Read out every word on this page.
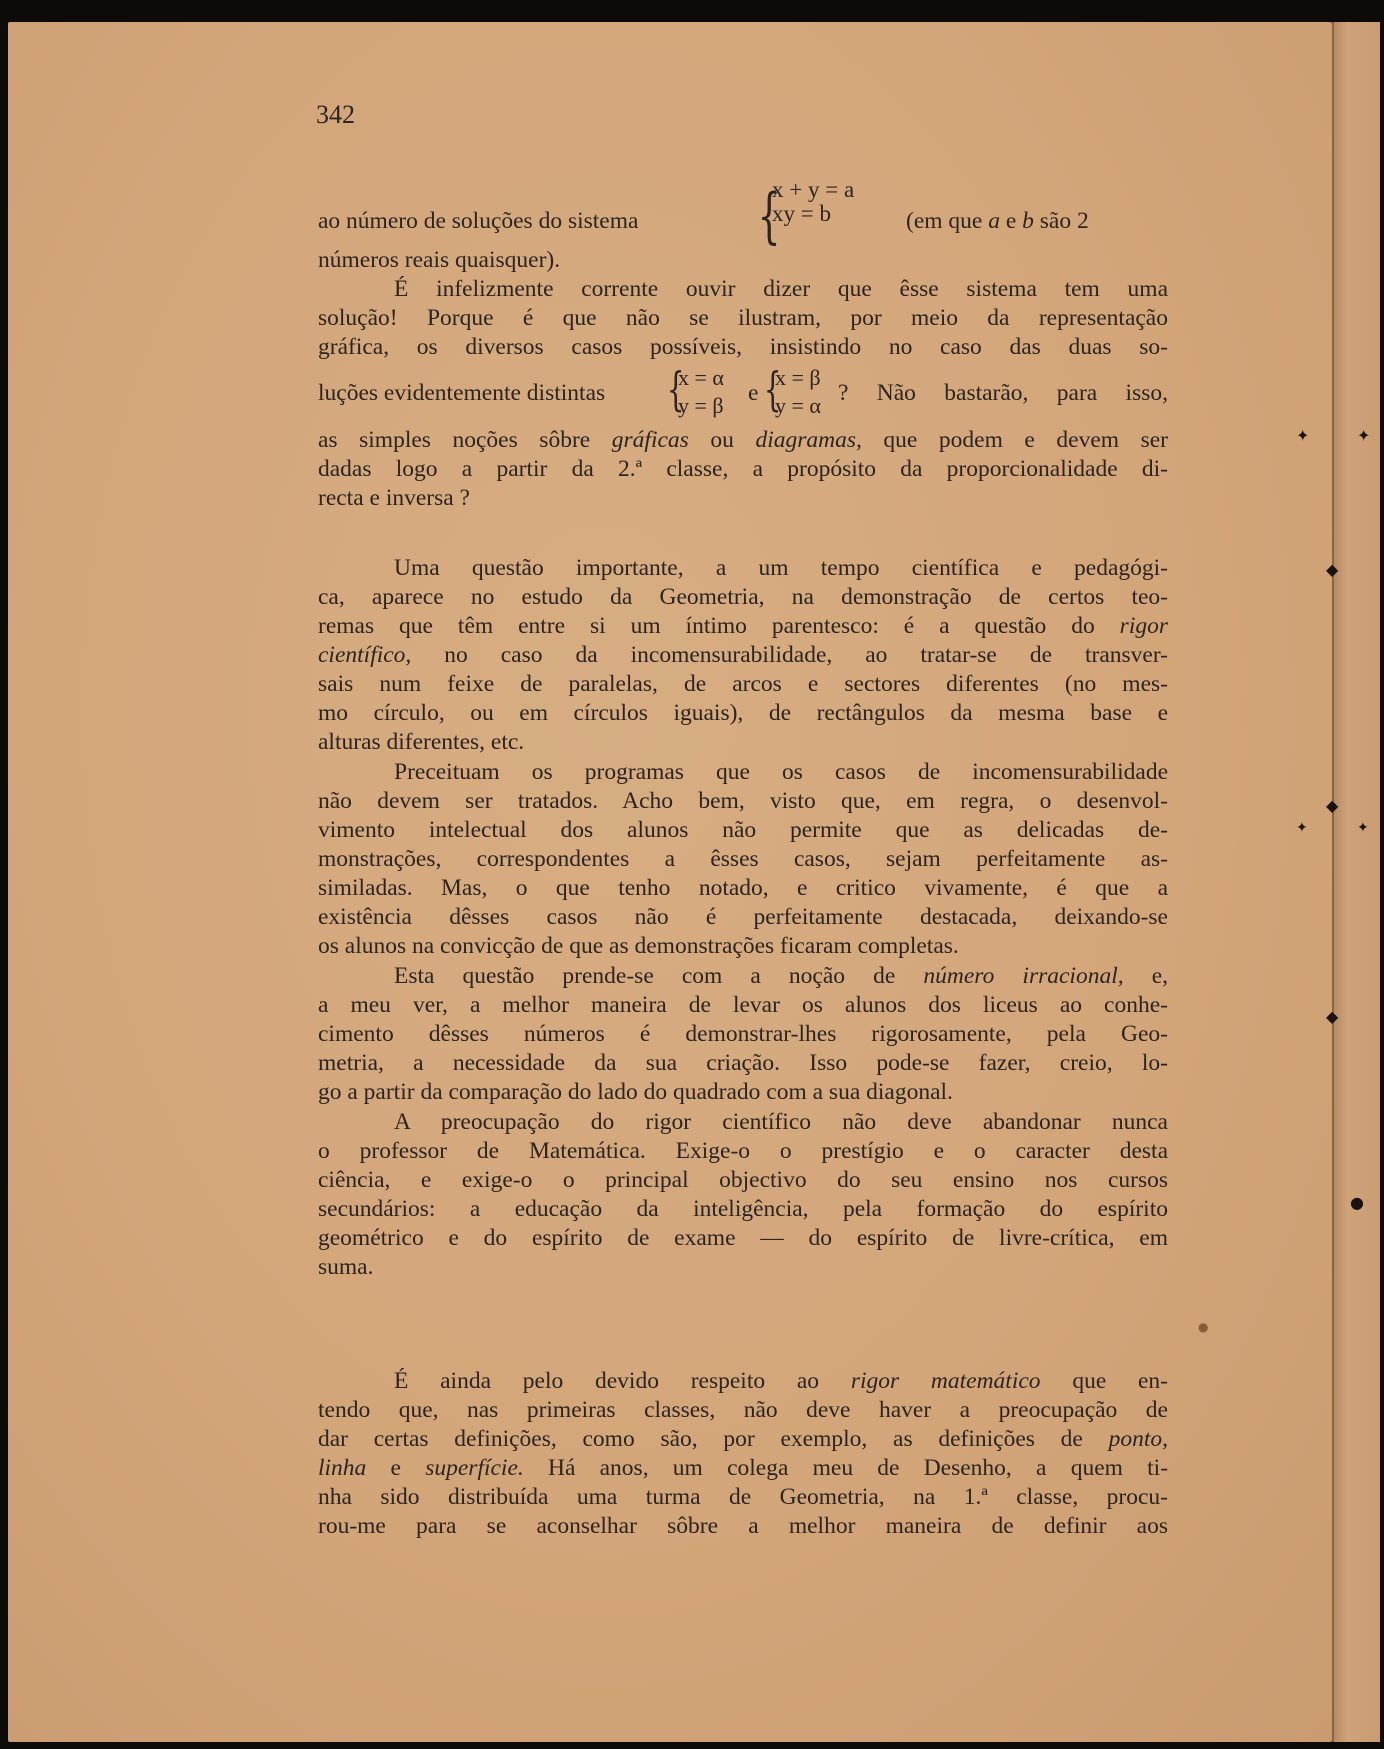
342
ao número de soluções do sistema	{
x + y = a
xy = b	(em que a e b são 2
números reais quaisquer).
É infelizmente corrente ouvir dizer que êsse sistema tem uma
solução! Porque é que não se ilustram, por meio da representação
gráfica, os diversos casos possíveis, insistindo no caso das duas so-
luções evidentemente distintas	{
x = α
y = β e {
x = β
y = α ? Não bastarão, para isso,
as simples noções sôbre gráficas ou diagramas, que podem e devem ser
dadas logo a partir da 2.ª classe, a propósito da proporcionalidade di-
recta e inversa ?
Uma questão importante, a um tempo científica e pedagógi-
ca, aparece no estudo da Geometria, na demonstração de certos teo-
remas que têm entre si um íntimo parentesco: é a questão do rigor
científico, no caso da incomensurabilidade, ao tratar-se de transver-
sais num feixe de paralelas, de arcos e sectores diferentes (no mes-
mo círculo, ou em círculos iguais), de rectângulos da mesma base e
alturas diferentes, etc.
Preceituam os programas que os casos de incomensurabilidade
não devem ser tratados. Acho bem, visto que, em regra, o desenvol-
vimento intelectual dos alunos não permite que as delicadas de-
monstrações, correspondentes a êsses casos, sejam perfeitamente as-
similadas. Mas, o que tenho notado, e critico vivamente, é que a
existência dêsses casos não é perfeitamente destacada, deixando-se
os alunos na convicção de que as demonstrações ficaram completas.
Esta questão prende-se com a noção de número irracional, e,
a meu ver, a melhor maneira de levar os alunos dos liceus ao conhe-
cimento dêsses números é demonstrar-lhes rigorosamente, pela Geo-
metria, a necessidade da sua criação. Isso pode-se fazer, creio, lo-
go a partir da comparação do lado do quadrado com a sua diagonal.
A preocupação do rigor científico não deve abandonar nunca
o professor de Matemática. Exige-o o prestígio e o caracter desta
ciência, e exige-o o principal objectivo do seu ensino nos cursos
secundários: a educação da inteligência, pela formação do espírito
geométrico e do espírito de exame — do espírito de livre-crítica, em
suma.
É ainda pelo devido respeito ao rigor matemático que en-
tendo que, nas primeiras classes, não deve haver a preocupação de
dar certas definições, como são, por exemplo, as definições de ponto,
linha e superfície. Há anos, um colega meu de Desenho, a quem ti-
nha sido distribuída uma turma de Geometria, na 1.ª classe, procu-
rou-me para se aconselhar sôbre a melhor maneira de definir aos
✦	✦
◆
◆
✦	✦
◆
●
●
